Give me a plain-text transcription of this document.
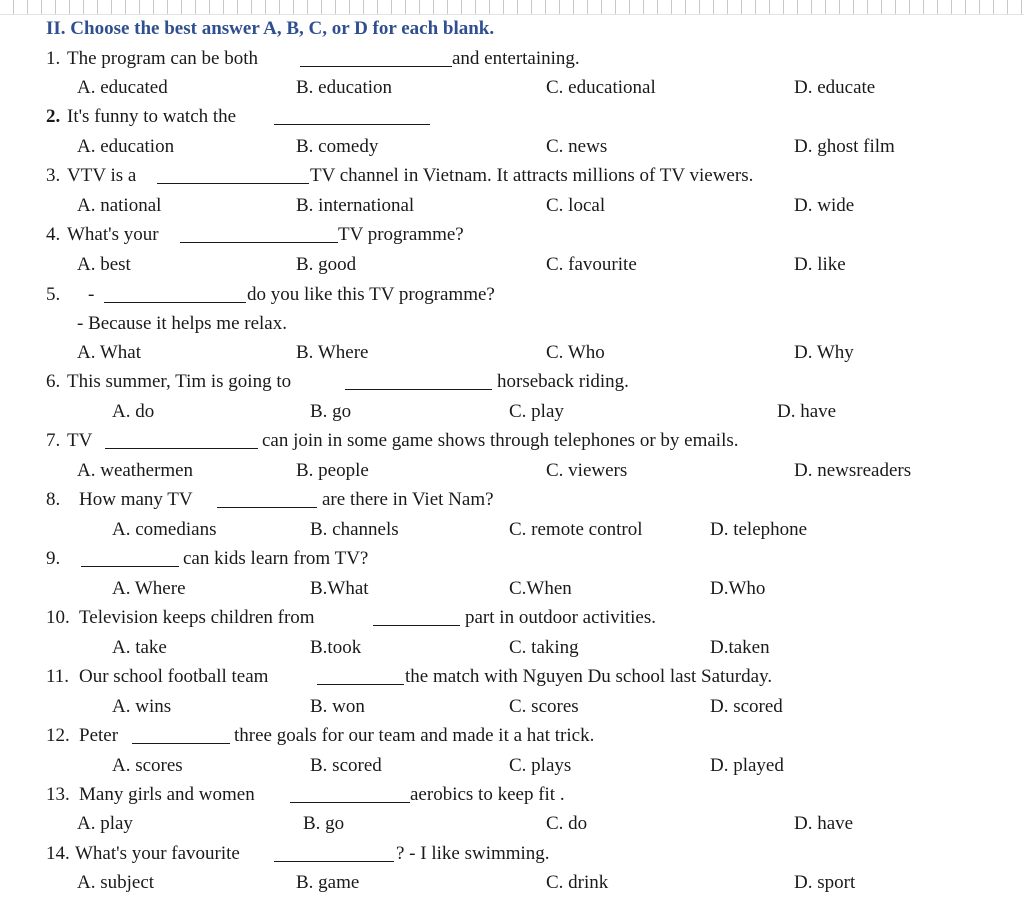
II. Choose the best answer A, B, C, or D for each blank.
1. The program can be both	and entertaining.
A. educated	B. education	C. educational	D. educate
2. It's funny to watch the
A. education	B. comedy	C. news	D. ghost film
3. VTV is a	TV channel in Vietnam. It attracts millions of TV viewers.
A. national	B. international	C. local	D. wide
4. What's your	TV programme?
A. best	B. good	C. favourite	D. like
5. -	do you like this TV programme?
- Because it helps me relax.
A. What	B. Where	C. Who	D. Why
6. This summer, Tim is going to	horseback riding.
A. do	B. go	C. play	D. have
7. TV	can join in some game shows through telephones or by emails.
A. weathermen	B. people	C. viewers	D. newsreaders
8. How many TV	are there in Viet Nam?
A. comedians	B. channels	C. remote control	D. telephone
9.	can kids learn from TV?
A. Where	B.What	C.When	D.Who
10. Television keeps children from	part in outdoor activities.
A. take	B.took	C. taking	D.taken
11. Our school football team	the match with Nguyen Du school last Saturday.
A. wins	B. won	C. scores	D. scored
12. Peter	three goals for our team and made it a hat trick.
A. scores	B. scored	C. plays	D. played
13. Many girls and women	aerobics to keep fit .
A. play	B. go	C. do	D. have
14. What's your favourite	? - I like swimming.
A. subject	B. game	C. drink	D. sport
